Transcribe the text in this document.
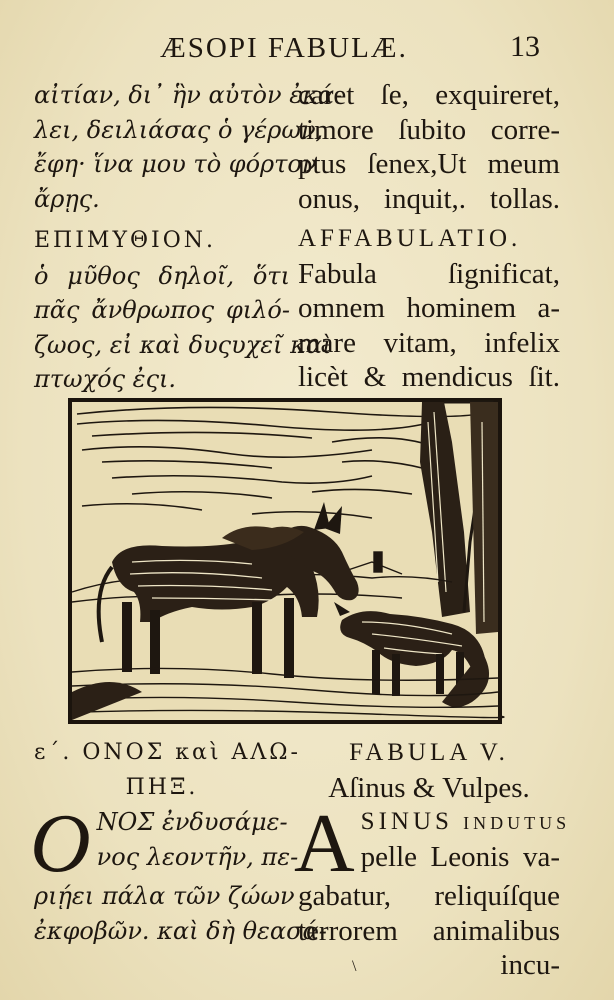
ÆSOPI FABULÆ.	13
αἰτίαν, δι᾽ ἣν αὐτὸν ἐκά-
λει, δειλιάσας ὁ γέρων,
ἔφη· ἵνα μου τὸ φόρτον
ἄρῃς.
ΕΠΙΜΥΘΙΟΝ.
ὁ μῦθος δηλοῖ, ὅτι
πᾶς ἄνθρωπος φιλό-
ζωος, εἰ καὶ δυςυχεῖ καὶ
πτωχός ἐςι.
caret ſe, exquireret,
timore ſubito corre-
ptus ſenex,Ut meum
onus, inquit,. tollas.
AFFABULATIO.
Fabula ſignificat,
omnem hominem a-
mare vitam, infelix
licèt & mendicus ſit.
ε΄. ΟΝΟΣ καὶ ΑΛΩ-
ΠΗΞ.
Ο ΝΟΣ ἐνδυσάμε-
νος λεοντῆν, πε-
ριῄει πάλα τῶν ζώων
ἐκφοβῶν. καὶ δὴ θεασά-
FABULA V.
Aſinus & Vulpes.
A SINUS indutus
pelle Leonis va-
gabatur, reliquíſque
terrorem animalibus
incu-
\
